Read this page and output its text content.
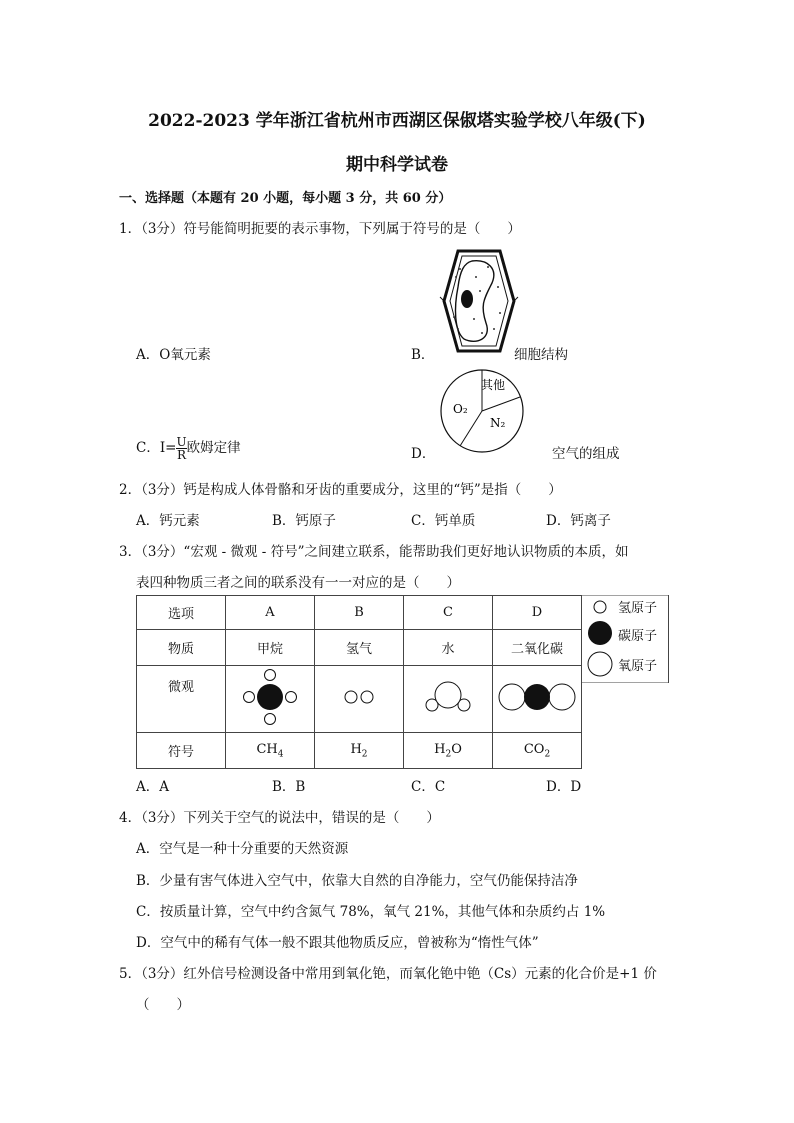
2022-2023 学年浙江省杭州市西湖区保俶塔实验学校八年级(下)
期中科学试卷
一、选择题（本题有 20 小题，每小题 3 分，共 60 分）
1．（3分）符号能简明扼要的表示事物，下列属于符号的是（　　）
A．O氧元素	B．	细胞结构
C．$I= \frac{U}{R}$ 欧姆定律	D．
O₂
N₂
其他
空气的组成
2．（3分）钙是构成人体骨骼和牙齿的重要成分，这里的“钙”是指（　　）
A．钙元素	B．钙原子	C．钙单质	D．钙离子
3．（3分）“宏观 - 微观 - 符号”之间建立联系，能帮助我们更好地认识物质的本质，如
表四种物质三者之间的联系没有一一对应的是（　　）
选项	A	B	C	D
物质	甲烷	氢气	水	二氧化碳
微观				
符号	$CH_4$	$H_2$	$H_2O$	$CO_2$
氢原子
碳原子
氧原子
A．A	B．B	C．C	D．D
4．（3分）下列关于空气的说法中，错误的是（　　）
A．空气是一种十分重要的天然资源
B．少量有害气体进入空气中，依靠大自然的自净能力，空气仍能保持洁净
C．按质量计算，空气中约含氮气 78%，氧气 21%，其他气体和杂质约占 1%
D．空气中的稀有气体一般不跟其他物质反应，曾被称为“惰性气体”
5．（3分）红外信号检测设备中常用到氧化铯，而氧化铯中铯（Cs）元素的化合价是+1 价
（　　）
